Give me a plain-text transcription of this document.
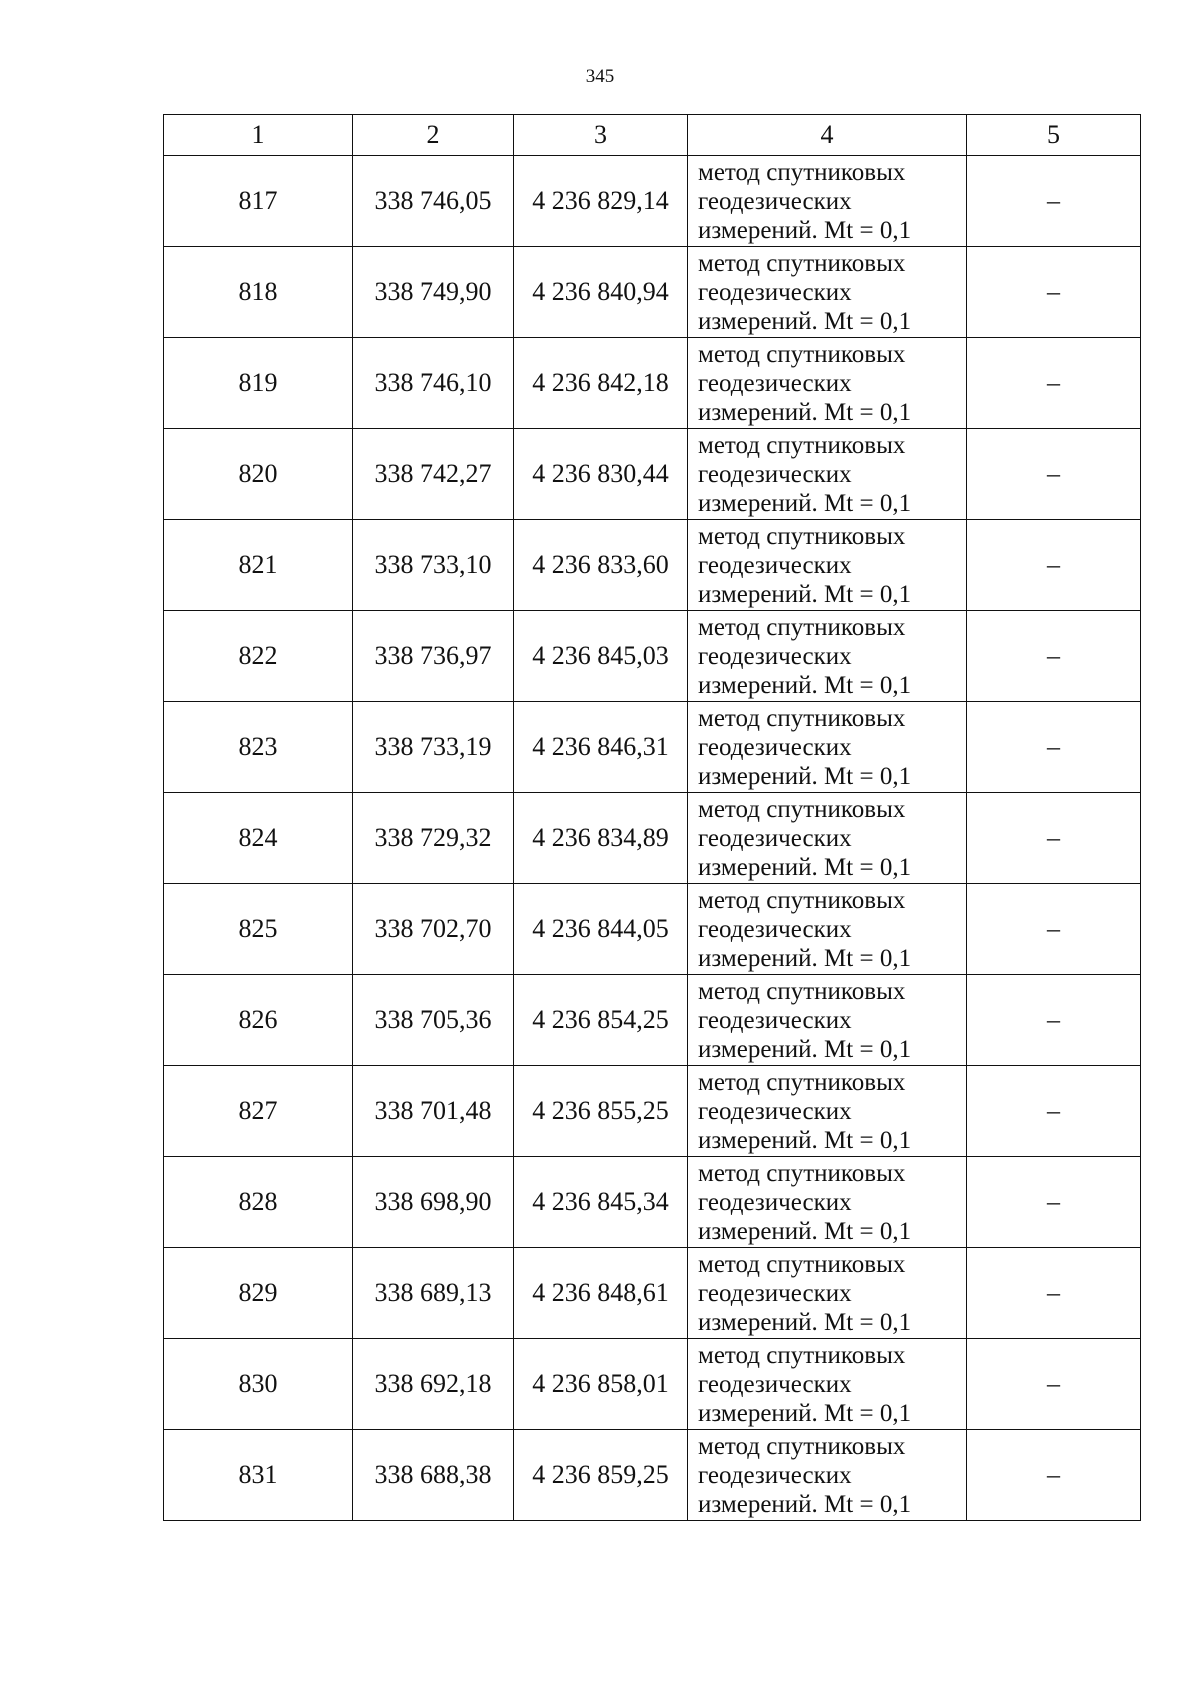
345
1	2	3	4	5
817	338 746,05	4 236 829,14	метод спутниковых
геодезических
измерений. Mt = 0,1	–
818	338 749,90	4 236 840,94	метод спутниковых
геодезических
измерений. Mt = 0,1	–
819	338 746,10	4 236 842,18	метод спутниковых
геодезических
измерений. Mt = 0,1	–
820	338 742,27	4 236 830,44	метод спутниковых
геодезических
измерений. Mt = 0,1	–
821	338 733,10	4 236 833,60	метод спутниковых
геодезических
измерений. Mt = 0,1	–
822	338 736,97	4 236 845,03	метод спутниковых
геодезических
измерений. Mt = 0,1	–
823	338 733,19	4 236 846,31	метод спутниковых
геодезических
измерений. Mt = 0,1	–
824	338 729,32	4 236 834,89	метод спутниковых
геодезических
измерений. Mt = 0,1	–
825	338 702,70	4 236 844,05	метод спутниковых
геодезических
измерений. Mt = 0,1	–
826	338 705,36	4 236 854,25	метод спутниковых
геодезических
измерений. Mt = 0,1	–
827	338 701,48	4 236 855,25	метод спутниковых
геодезических
измерений. Mt = 0,1	–
828	338 698,90	4 236 845,34	метод спутниковых
геодезических
измерений. Mt = 0,1	–
829	338 689,13	4 236 848,61	метод спутниковых
геодезических
измерений. Mt = 0,1	–
830	338 692,18	4 236 858,01	метод спутниковых
геодезических
измерений. Mt = 0,1	–
831	338 688,38	4 236 859,25	метод спутниковых
геодезических
измерений. Mt = 0,1	–
